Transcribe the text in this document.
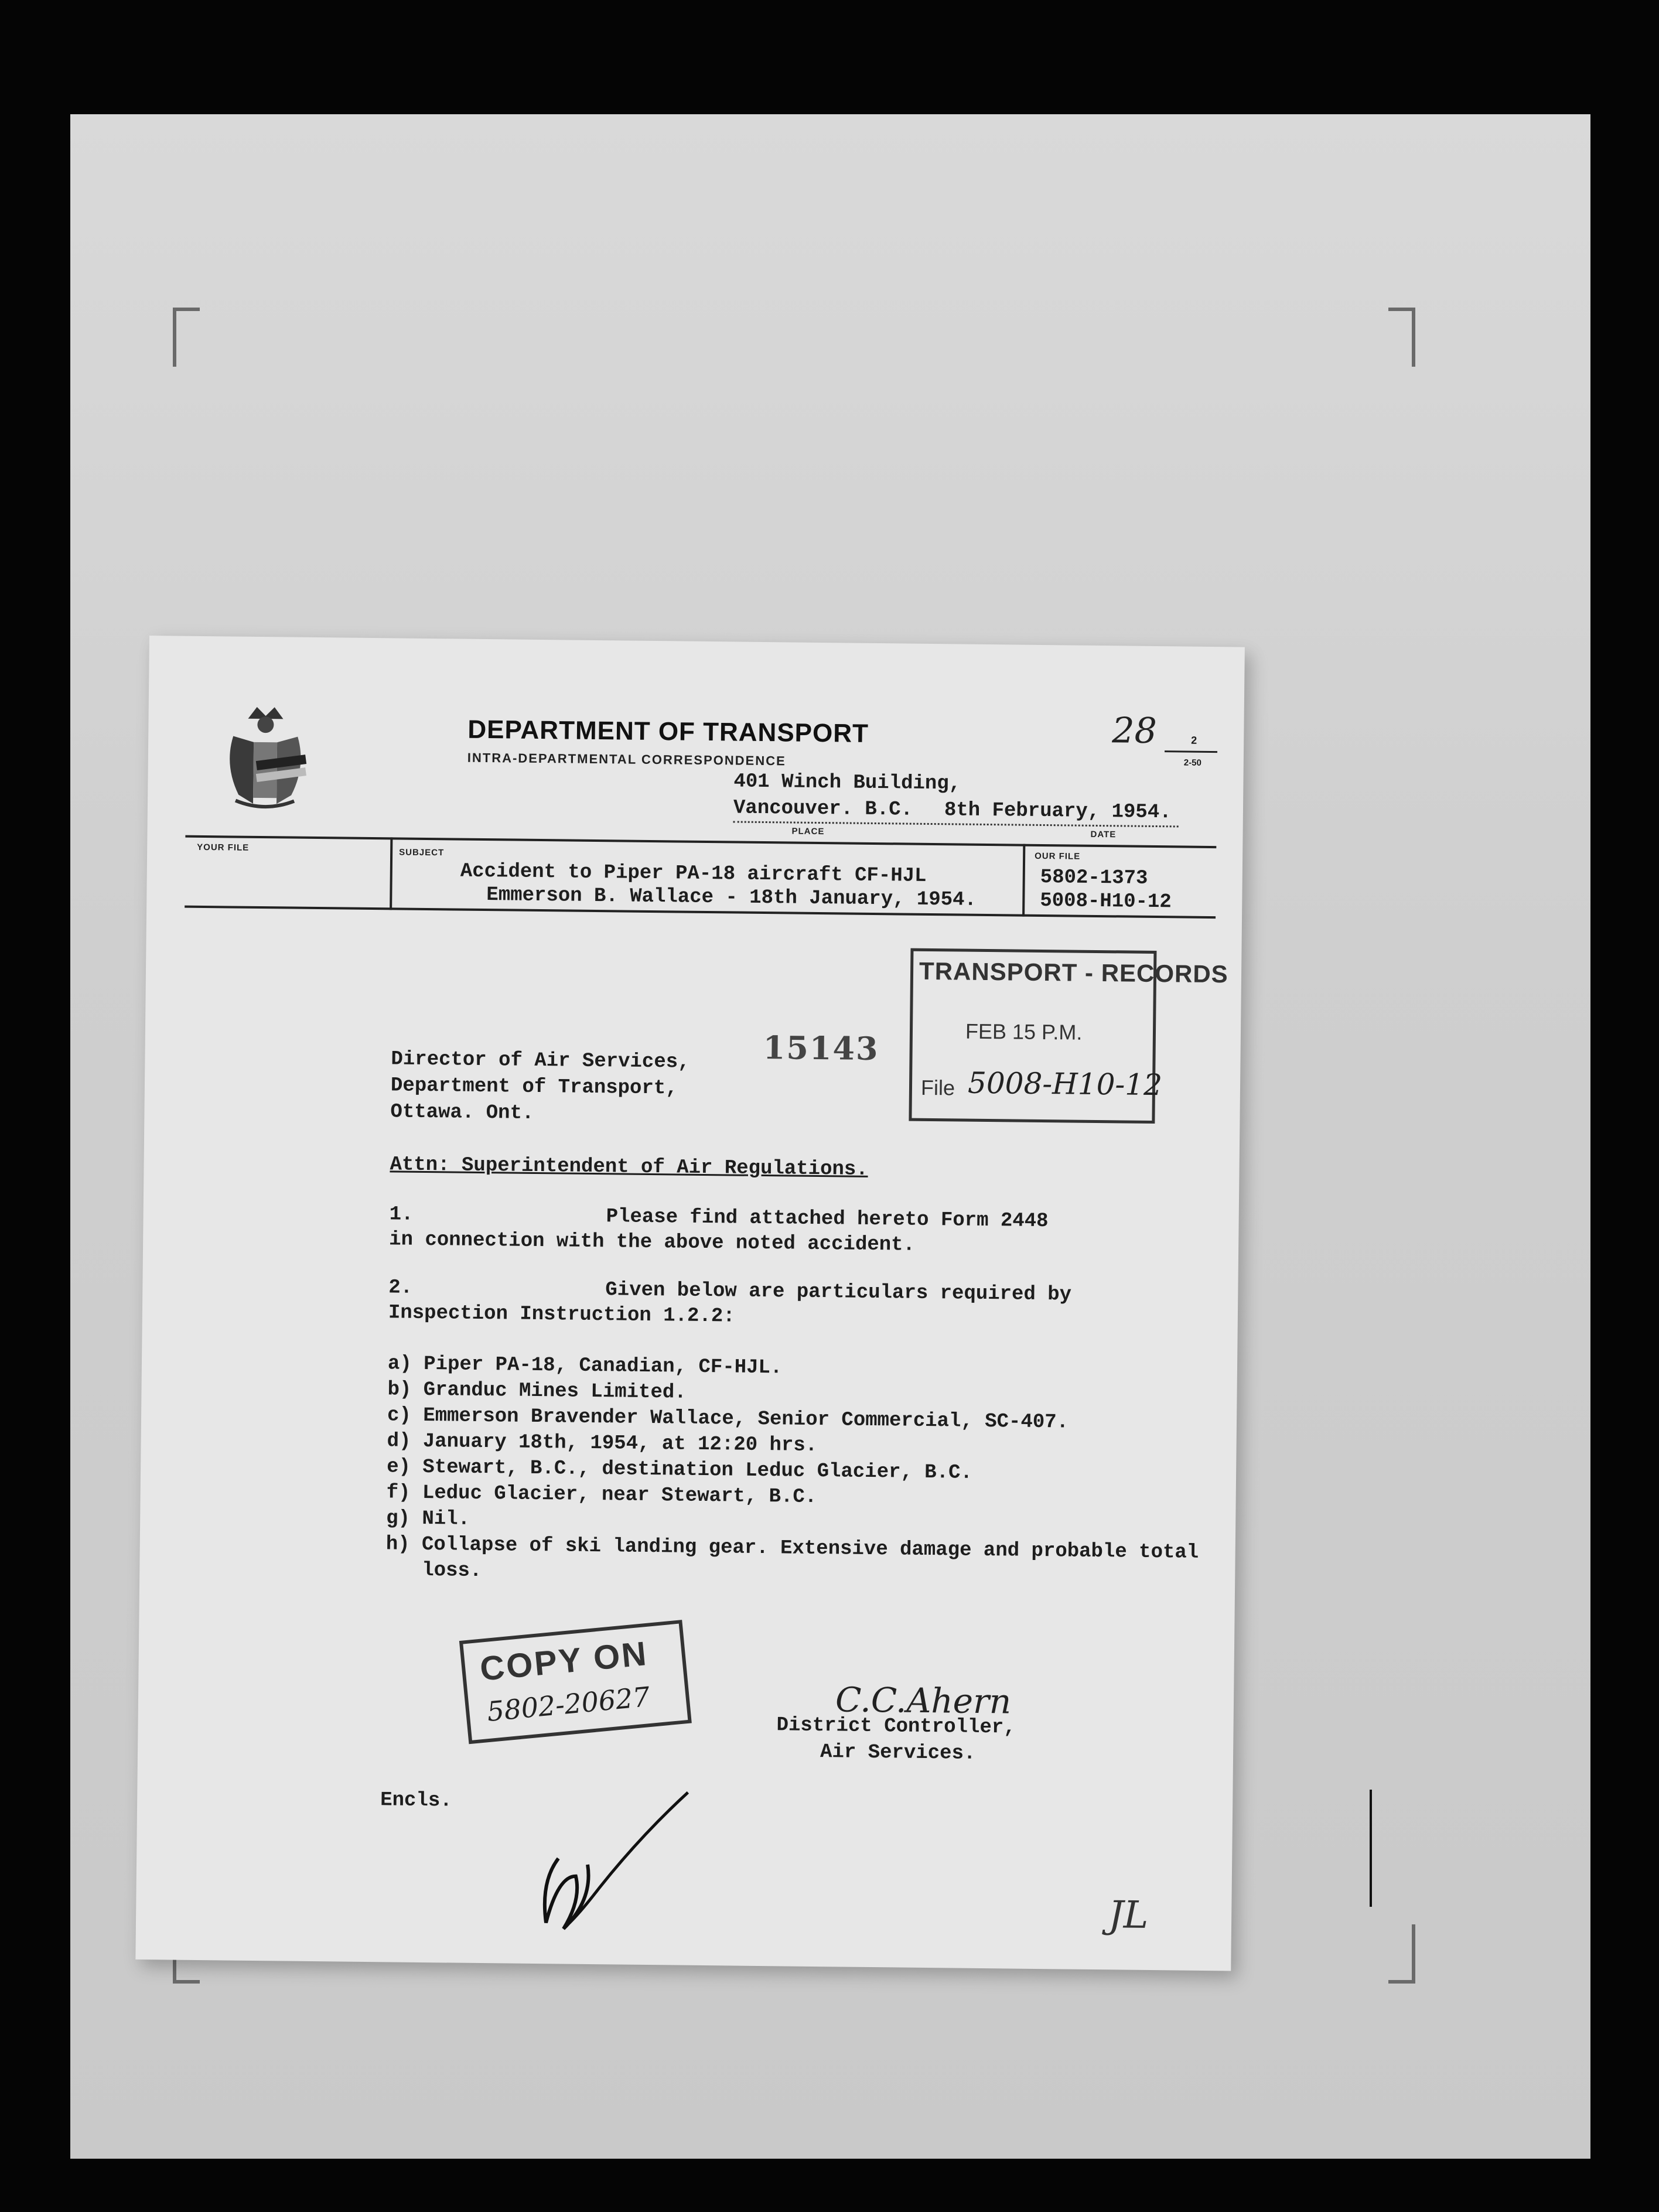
DEPARTMENT OF TRANSPORT
INTRA-DEPARTMENTAL CORRESPONDENCE
28	2
2-50
401 Winch Building,
Vancouver. B.C. 8th February, 1954.
PLACE	DATE
YOUR FILE	SUBJECT
Accident to Piper PA-18 aircraft CF-HJL
Emmerson B. Wallace - 18th January, 1954.
OUR FILE
5802-1373
5008-H10-12
TRANSPORT - RECORDS
FEB 15 P.M.
File 5008-H10-12
15143
Director of Air Services,
Department of Transport,
Ottawa. Ont.
Attn: Superintendent of Air Regulations.
1.	Please find attached hereto Form 2448
in connection with the above noted accident.
2.	Given below are particulars required by
Inspection Instruction 1.2.2:
a) Piper PA-18, Canadian, CF-HJL.
b) Granduc Mines Limited.
c) Emmerson Bravender Wallace, Senior Commercial, SC-407.
d) January 18th, 1954, at 12:20 hrs.
e) Stewart, B.C., destination Leduc Glacier, B.C.
f) Leduc Glacier, near Stewart, B.C.
g) Nil.
h) Collapse of ski landing gear. Extensive damage and probable total
loss.
COPY ON
5802-20627	C.C.Ahern
District Controller,
Air Services.
Encls.
JL
